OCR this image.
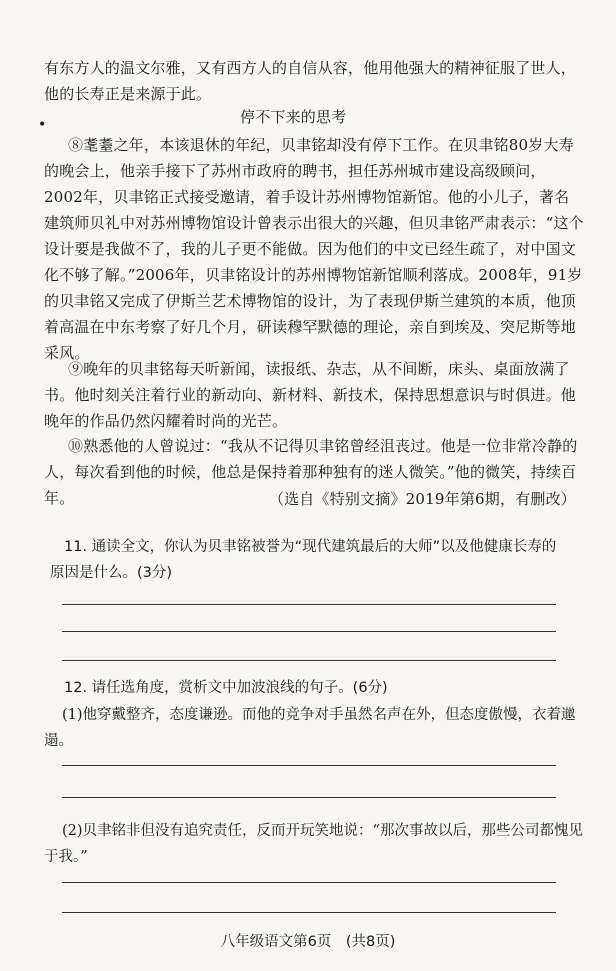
有东方人的温文尔雅，又有西方人的自信从容，他用他强大的精神征服了世人，他的长寿正是来源于此。

停不下来的思考
•

⑧耄耋之年，本该退休的年纪，贝聿铭却没有停下工作。在贝聿铭80岁大寿的晚会上，他亲手接下了苏州市政府的聘书，担任苏州城市建设高级顾问，2002年，贝聿铭正式接受邀请，着手设计苏州博物馆新馆。他的小儿子，著名建筑师贝礼中对苏州博物馆设计曾表示出很大的兴趣，但贝聿铭严肃表示：“这个设计要是我做不了，我的儿子更不能做。因为他们的中文已经生疏了，对中国文化不够了解。”2006年，贝聿铭设计的苏州博物馆新馆顺利落成。2008年，91岁的贝聿铭又完成了伊斯兰艺术博物馆的设计，为了表现伊斯兰建筑的本质，他顶着高温在中东考察了好几个月，研读穆罕默德的理论，亲自到埃及、突尼斯等地采风。

⑨晚年的贝聿铭每天听新闻，读报纸、杂志，从不间断，床头、桌面放满了书。他时刻关注着行业的新动向、新材料、新技术，保持思想意识与时俱进。他晚年的作品仍然闪耀着时尚的光芒。

⑩熟悉他的人曾说过：“我从不记得贝聿铭曾经沮丧过。他是一位非常冷静的人，每次看到他的时候，他总是保持着那种独有的迷人微笑。”他的微笑，持续百年。	（选自《特别文摘》2019年第6期，有删改）

11. 通读全文，你认为贝聿铭被誉为“现代建筑最后的大师”以及他健康长寿的原因是什么。(3分)

12. 请任选角度，赏析文中加波浪线的句子。(6分)

(1)他穿戴整齐，态度谦逊。而他的竞争对手虽然名声在外，但态度傲慢，衣着邋遢。

(2)贝聿铭非但没有追究责任，反而开玩笑地说：“那次事故以后，那些公司都愧见于我。”

八年级语文第6页　(共8页)
